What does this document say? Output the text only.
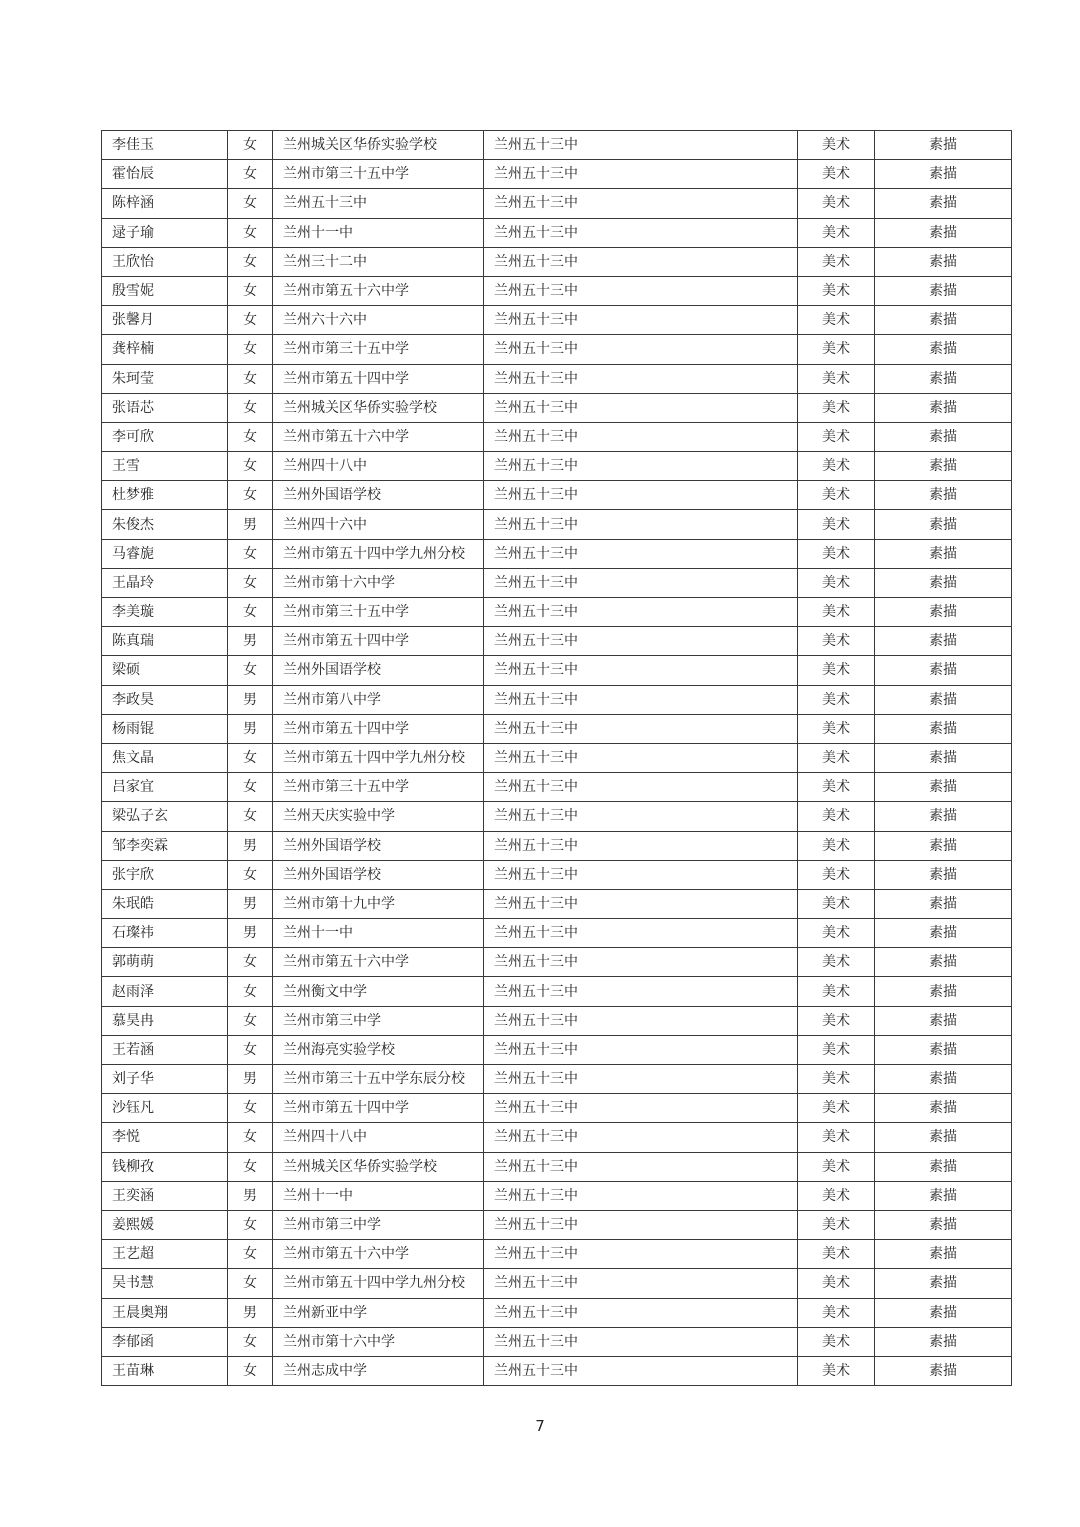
李佳玉	女	兰州城关区华侨实验学校	兰州五十三中	美术	素描
霍怡辰	女	兰州市第三十五中学	兰州五十三中	美术	素描
陈梓涵	女	兰州五十三中	兰州五十三中	美术	素描
逯子瑜	女	兰州十一中	兰州五十三中	美术	素描
王欣怡	女	兰州三十二中	兰州五十三中	美术	素描
殷雪妮	女	兰州市第五十六中学	兰州五十三中	美术	素描
张馨月	女	兰州六十六中	兰州五十三中	美术	素描
龚梓楠	女	兰州市第三十五中学	兰州五十三中	美术	素描
朱珂莹	女	兰州市第五十四中学	兰州五十三中	美术	素描
张语芯	女	兰州城关区华侨实验学校	兰州五十三中	美术	素描
李可欣	女	兰州市第五十六中学	兰州五十三中	美术	素描
王雪	女	兰州四十八中	兰州五十三中	美术	素描
杜梦雅	女	兰州外国语学校	兰州五十三中	美术	素描
朱俊杰	男	兰州四十六中	兰州五十三中	美术	素描
马睿旎	女	兰州市第五十四中学九州分校	兰州五十三中	美术	素描
王晶玲	女	兰州市第十六中学	兰州五十三中	美术	素描
李美璇	女	兰州市第三十五中学	兰州五十三中	美术	素描
陈真瑞	男	兰州市第五十四中学	兰州五十三中	美术	素描
梁硕	女	兰州外国语学校	兰州五十三中	美术	素描
李政昊	男	兰州市第八中学	兰州五十三中	美术	素描
杨雨锟	男	兰州市第五十四中学	兰州五十三中	美术	素描
焦文晶	女	兰州市第五十四中学九州分校	兰州五十三中	美术	素描
吕家宜	女	兰州市第三十五中学	兰州五十三中	美术	素描
梁弘子玄	女	兰州天庆实验中学	兰州五十三中	美术	素描
邹李奕霖	男	兰州外国语学校	兰州五十三中	美术	素描
张宇欣	女	兰州外国语学校	兰州五十三中	美术	素描
朱珉皓	男	兰州市第十九中学	兰州五十三中	美术	素描
石璨祎	男	兰州十一中	兰州五十三中	美术	素描
郭萌萌	女	兰州市第五十六中学	兰州五十三中	美术	素描
赵雨泽	女	兰州衡文中学	兰州五十三中	美术	素描
慕昊冉	女	兰州市第三中学	兰州五十三中	美术	素描
王若涵	女	兰州海亮实验学校	兰州五十三中	美术	素描
刘子华	男	兰州市第三十五中学东辰分校	兰州五十三中	美术	素描
沙钰凡	女	兰州市第五十四中学	兰州五十三中	美术	素描
李悦	女	兰州四十八中	兰州五十三中	美术	素描
钱柳孜	女	兰州城关区华侨实验学校	兰州五十三中	美术	素描
王奕涵	男	兰州十一中	兰州五十三中	美术	素描
姜熙媛	女	兰州市第三中学	兰州五十三中	美术	素描
王艺超	女	兰州市第五十六中学	兰州五十三中	美术	素描
吴书慧	女	兰州市第五十四中学九州分校	兰州五十三中	美术	素描
王晨奥翔	男	兰州新亚中学	兰州五十三中	美术	素描
李郁函	女	兰州市第十六中学	兰州五十三中	美术	素描
王苗琳	女	兰州志成中学	兰州五十三中	美术	素描
7
